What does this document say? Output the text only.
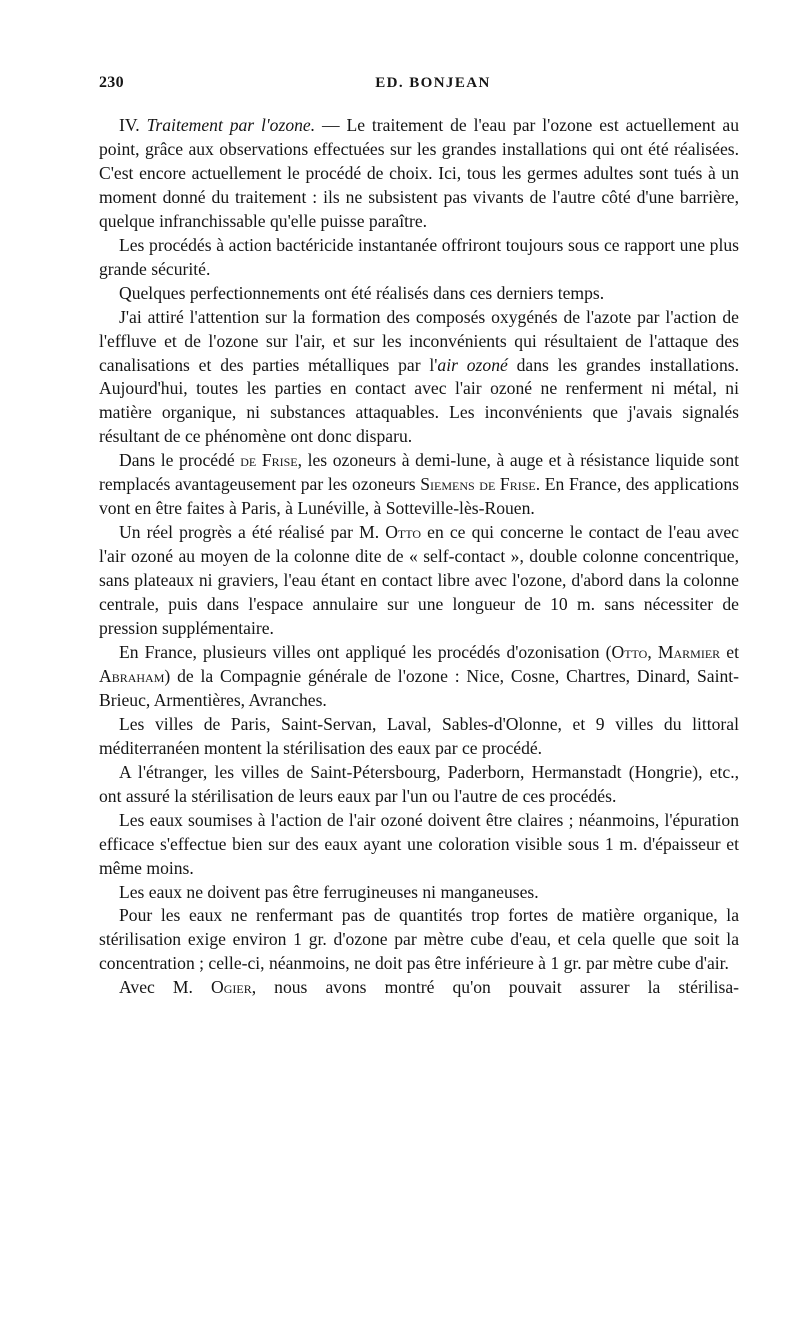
230	ED. BONJEAN

IV. Traitement par l'ozone. — Le traitement de l'eau par l'ozone est actuellement au point, grâce aux observations effectuées sur les grandes installations qui ont été réalisées. C'est encore actuellement le procédé de choix. Ici, tous les germes adultes sont tués à un moment donné du traitement : ils ne subsistent pas vivants de l'autre côté d'une barrière, quelque infranchissable qu'elle puisse paraître.

Les procédés à action bactéricide instantanée offriront toujours sous ce rapport une plus grande sécurité.

Quelques perfectionnements ont été réalisés dans ces derniers temps.

J'ai attiré l'attention sur la formation des composés oxygénés de l'azote par l'action de l'effluve et de l'ozone sur l'air, et sur les inconvénients qui résultaient de l'attaque des canalisations et des parties métalliques par l'air ozoné dans les grandes installations. Aujourd'hui, toutes les parties en contact avec l'air ozoné ne renferment ni métal, ni matière organique, ni substances attaquables. Les inconvénients que j'avais signalés résultant de ce phénomène ont donc disparu.

Dans le procédé de Frise, les ozoneurs à demi-lune, à auge et à résistance liquide sont remplacés avantageusement par les ozoneurs Siemens de Frise. En France, des applications vont en être faites à Paris, à Lunéville, à Sotteville-lès-Rouen.

Un réel progrès a été réalisé par M. Otto en ce qui concerne le contact de l'eau avec l'air ozoné au moyen de la colonne dite de « self-contact », double colonne concentrique, sans plateaux ni graviers, l'eau étant en contact libre avec l'ozone, d'abord dans la colonne centrale, puis dans l'espace annulaire sur une longueur de 10 m. sans nécessiter de pression supplémentaire.

En France, plusieurs villes ont appliqué les procédés d'ozonisation (Otto, Marmier et Abraham) de la Compagnie générale de l'ozone : Nice, Cosne, Chartres, Dinard, Saint-Brieuc, Armentières, Avranches.

Les villes de Paris, Saint-Servan, Laval, Sables-d'Olonne, et 9 villes du littoral méditerranéen montent la stérilisation des eaux par ce procédé.

A l'étranger, les villes de Saint-Pétersbourg, Paderborn, Hermanstadt (Hongrie), etc., ont assuré la stérilisation de leurs eaux par l'un ou l'autre de ces procédés.

Les eaux soumises à l'action de l'air ozoné doivent être claires ; néanmoins, l'épuration efficace s'effectue bien sur des eaux ayant une coloration visible sous 1 m. d'épaisseur et même moins.

Les eaux ne doivent pas être ferrugineuses ni manganeuses.

Pour les eaux ne renfermant pas de quantités trop fortes de matière organique, la stérilisation exige environ 1 gr. d'ozone par mètre cube d'eau, et cela quelle que soit la concentration ; celle-ci, néanmoins, ne doit pas être inférieure à 1 gr. par mètre cube d'air.

Avec M. Ogier, nous avons montré qu'on pouvait assurer la stérilisa-
